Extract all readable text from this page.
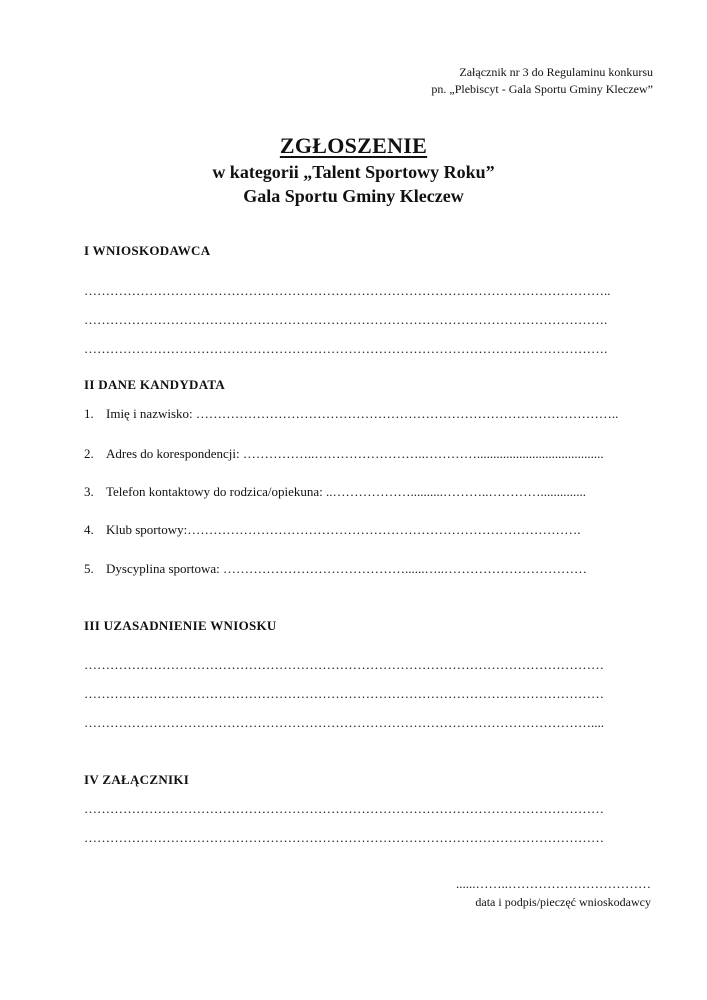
Załącznik nr 3 do Regulaminu konkursu
pn. „Plebiscyt - Gala Sportu Gminy Kleczew”
ZGŁOSZENIE
w kategorii „Talent Sportowy Roku”
Gala Sportu Gminy Kleczew
I WNIOSKODAWCA
…………………………………………………………………………………………………………..
………………………………………………………………………………………………………….
………………………………………………………………………………………………………….
II DANE KANDYDATA
1. Imię i nazwisko: ……………………………………………………………………………………..
2. Adres do korespondencji: ……………..……………………..………….......................................
3. Telefon kontaktowy do rodzica/opiekuna: ..………………..........………..…………..............
4. Klub sportowy:……………………………………………………………………………….
5. Dyscyplina sportowa: ……………………………………......…..……………………………
III UZASADNIENIE WNIOSKU
…………………………………………………………………………………………………………
…………………………………………………………………………………………………………
………………………………………………………………………………………………………....
IV ZAŁĄCZNIKI
…………………………………………………………………………………………………………
…………………………………………………………………………………………………………
......……..……………………………
data i podpis/pieczęć wnioskodawcy
